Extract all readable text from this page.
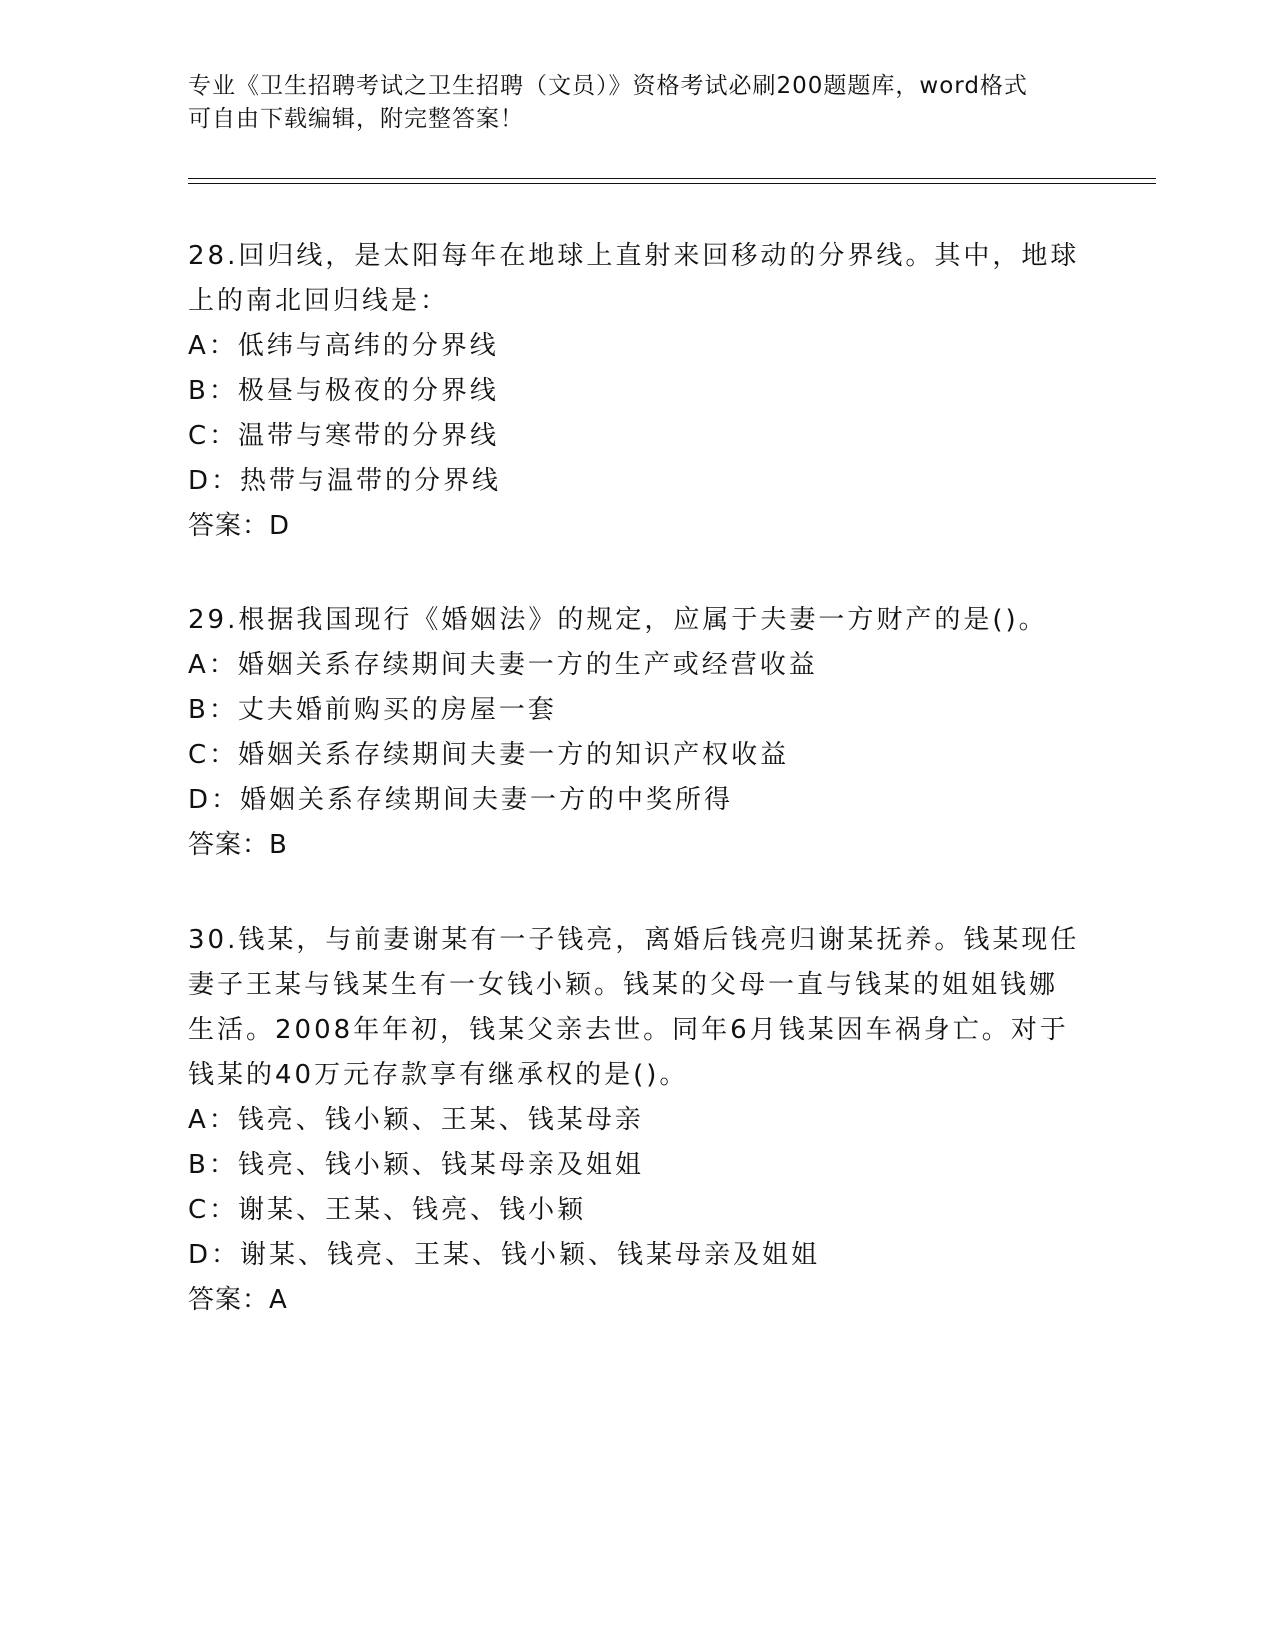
专业《卫生招聘考试之卫生招聘（文员）》资格考试必刷200题题库，word格式
可自由下载编辑，附完整答案！

28.回归线，是太阳每年在地球上直射来回移动的分界线。其中，地球

上的南北回归线是：

A：低纬与高纬的分界线

B：极昼与极夜的分界线

C：温带与寒带的分界线

D：热带与温带的分界线

答案：D

29.根据我国现行《婚姻法》的规定，应属于夫妻一方财产的是()。

A：婚姻关系存续期间夫妻一方的生产或经营收益

B：丈夫婚前购买的房屋一套

C：婚姻关系存续期间夫妻一方的知识产权收益

D：婚姻关系存续期间夫妻一方的中奖所得

答案：B

30.钱某，与前妻谢某有一子钱亮，离婚后钱亮归谢某抚养。钱某现任

妻子王某与钱某生有一女钱小颖。钱某的父母一直与钱某的姐姐钱娜

生活。2008年年初，钱某父亲去世。同年6月钱某因车祸身亡。对于

钱某的40万元存款享有继承权的是()。

A：钱亮、钱小颖、王某、钱某母亲

B：钱亮、钱小颖、钱某母亲及姐姐

C：谢某、王某、钱亮、钱小颖

D：谢某、钱亮、王某、钱小颖、钱某母亲及姐姐

答案：A
